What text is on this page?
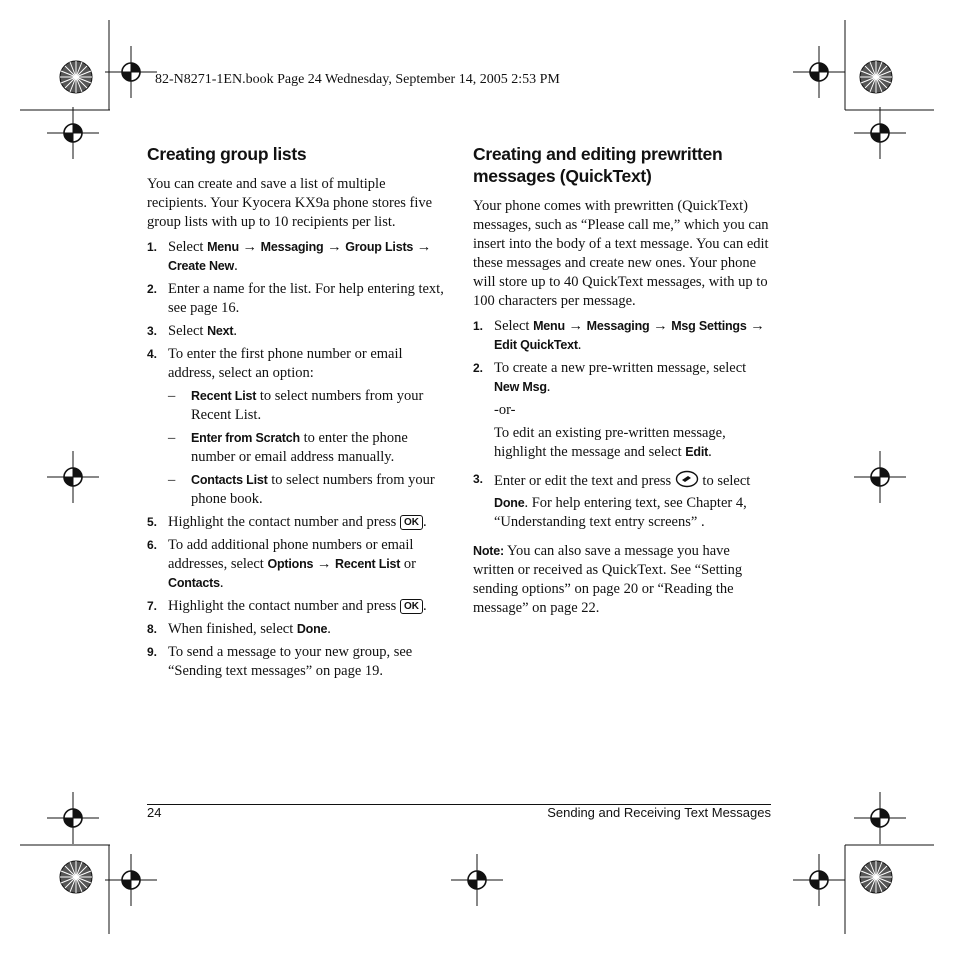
82-N8271-1EN.book Page 24 Wednesday, September 14, 2005 2:53 PM
Creating group lists

You can create and save a list of multiple recipients. Your Kyocera KX9a phone stores five group lists with up to 10 recipients per list.

1. Select Menu → Messaging → Group Lists → Create New.
2. Enter a name for the list. For help entering text, see page 16.
3. Select Next.
4. To enter the first phone number or email address, select an option:
– Recent List to select numbers from your Recent List.
– Enter from Scratch to enter the phone number or email address manually.
– Contacts List to select numbers from your phone book.
5. Highlight the contact number and press OK .
6. To add additional phone numbers or email addresses, select Options → Recent List or Contacts.
7. Highlight the contact number and press OK .
8. When finished, select Done.
9. To send a message to your new group, see “Sending text messages” on page 19.
Creating and editing prewritten messages (QuickText)

Your phone comes with prewritten (QuickText) messages, such as “Please call me,” which you can insert into the body of a text message. You can edit these messages and create new ones. Your phone will store up to 40 QuickText messages, with up to 100 characters per message.

1. Select Menu → Messaging → Msg Settings → Edit QuickText.
2. To create a new pre-written message, select New Msg.
-or-
To edit an existing pre-written message, highlight the message and select Edit.
3. Enter or edit the text and press  to select Done. For help entering text, see Chapter 4, “Understanding text entry screens” .

Note: You can also save a message you have written or received as QuickText. See “Setting sending options” on page 20 or “Reading the message” on page 22.

24	Sending and Receiving Text Messages
